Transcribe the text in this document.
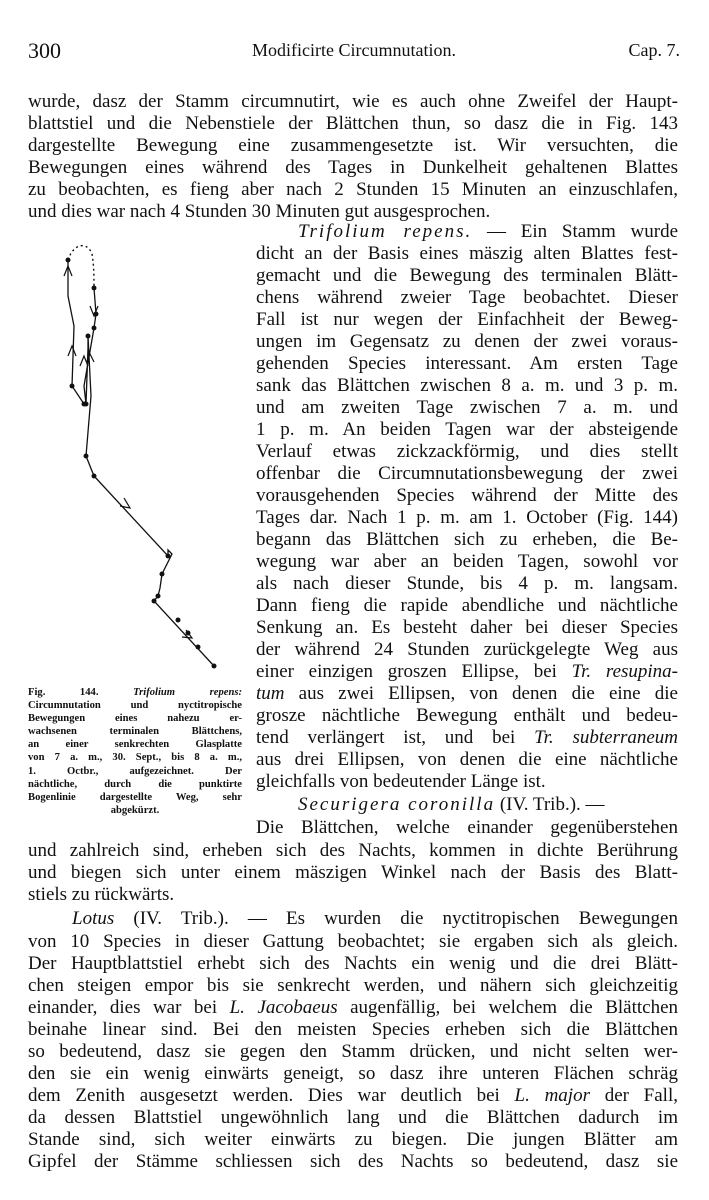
300	Modificirte Circumnutation.	Cap. 7.
wurde, dasz der Stamm circumnutirt, wie es auch ohne Zweifel der Haupt-
blattstiel und die Nebenstiele der Blättchen thun, so dasz die in Fig. 143
dargestellte Bewegung eine zusammengesetzte ist. Wir versuchten, die
Bewegungen eines während des Tages in Dunkelheit gehaltenen Blattes
zu beobachten, es fieng aber nach 2 Stunden 15 Minuten an einzuschlafen,
und dies war nach 4 Stunden 30 Minuten gut ausgesprochen.
Trifolium repens. — Ein Stamm wurde
dicht an der Basis eines mäszig alten Blattes fest-
gemacht und die Bewegung des terminalen Blätt-
chens während zweier Tage beobachtet. Dieser
Fall ist nur wegen der Einfachheit der Beweg-
ungen im Gegensatz zu denen der zwei voraus-
gehenden Species interessant. Am ersten Tage
sank das Blättchen zwischen 8 a. m. und 3 p. m.
und am zweiten Tage zwischen 7 a. m. und
1 p. m. An beiden Tagen war der absteigende
Verlauf etwas zickzackförmig, und dies stellt
offenbar die Circumnutationsbewegung der zwei
vorausgehenden Species während der Mitte des
Tages dar. Nach 1 p. m. am 1. October (Fig. 144)
begann das Blättchen sich zu erheben, die Be-
wegung war aber an beiden Tagen, sowohl vor
als nach dieser Stunde, bis 4 p. m. langsam.
Dann fieng die rapide abendliche und nächtliche
Senkung an. Es besteht daher bei dieser Species
der während 24 Stunden zurückgelegte Weg aus
einer einzigen groszen Ellipse, bei Tr. resupina-
tum aus zwei Ellipsen, von denen die eine die
grosze nächtliche Bewegung enthält und bedeu-
tend verlängert ist, und bei Tr. subterraneum
aus drei Ellipsen, von denen die eine nächtliche
gleichfalls von bedeutender Länge ist.
Securigera coronilla (IV. Trib.). —
Die Blättchen, welche einander gegenüberstehen
und zahlreich sind, erheben sich des Nachts, kommen in dichte Berührung
und biegen sich unter einem mäszigen Winkel nach der Basis des Blatt-
stiels zu rückwärts.
Lotus (IV. Trib.). — Es wurden die nyctitropischen Bewegungen
von 10 Species in dieser Gattung beobachtet; sie ergaben sich als gleich.
Der Hauptblattstiel erhebt sich des Nachts ein wenig und die drei Blätt-
chen steigen empor bis sie senkrecht werden, und nähern sich gleichzeitig
einander, dies war bei L. Jacobaeus augenfällig, bei welchem die Blättchen
beinahe linear sind. Bei den meisten Species erheben sich die Blättchen
so bedeutend, dasz sie gegen den Stamm drücken, und nicht selten wer-
den sie ein wenig einwärts geneigt, so dasz ihre unteren Flächen schräg
dem Zenith ausgesetzt werden. Dies war deutlich bei L. major der Fall,
da dessen Blattstiel ungewöhnlich lang und die Blättchen dadurch im
Stande sind, sich weiter einwärts zu biegen. Die jungen Blätter am
Gipfel der Stämme schliessen sich des Nachts so bedeutend, dasz sie
Fig. 144.	Trifolium repens:
Circumnutation und nyctitropische
Bewegungen eines nahezu er-
wachsenen terminalen Blättchens,
an einer senkrechten Glasplatte
von 7 a. m., 30. Sept., bis 8 a. m.,
1. Octbr., aufgezeichnet. Der
nächtliche, durch die punktirte
Bogenlinie dargestellte Weg, sehr
abgekürzt.
